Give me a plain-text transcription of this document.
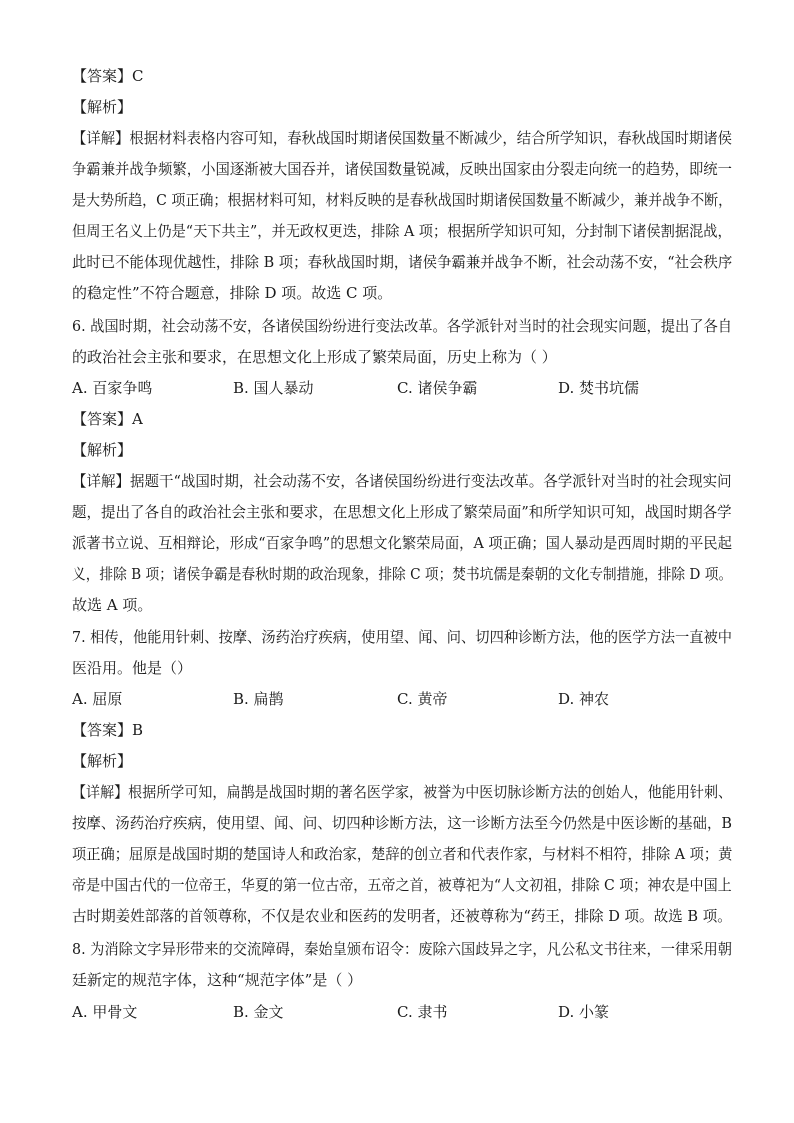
【答案】C
【解析】
【详解】根据材料表格内容可知，春秋战国时期诸侯国数量不断减少，结合所学知识，春秋战国时期诸侯
争霸兼并战争频繁，小国逐渐被大国吞并，诸侯国数量锐减，反映出国家由分裂走向统一的趋势，即统一
是大势所趋，C 项正确；根据材料可知，材料反映的是春秋战国时期诸侯国数量不断减少，兼并战争不断，
但周王名义上仍是“天下共主”，并无政权更迭，排除 A 项；根据所学知识可知，分封制下诸侯割据混战，
此时已不能体现优越性，排除 B 项；春秋战国时期，诸侯争霸兼并战争不断，社会动荡不安，“社会秩序
的稳定性”不符合题意，排除 D 项。故选 C 项。
6. 战国时期，社会动荡不安，各诸侯国纷纷进行变法改革。各学派针对当时的社会现实问题，提出了各自
的政治社会主张和要求，在思想文化上形成了繁荣局面，历史上称为（ ）
A. 百家争鸣	B. 国人暴动	C. 诸侯争霸	D. 焚书坑儒
【答案】A
【解析】
【详解】据题干“战国时期，社会动荡不安，各诸侯国纷纷进行变法改革。各学派针对当时的社会现实问
题，提出了各自的政治社会主张和要求，在思想文化上形成了繁荣局面”和所学知识可知，战国时期各学
派著书立说、互相辩论，形成“百家争鸣”的思想文化繁荣局面，A 项正确；国人暴动是西周时期的平民起
义，排除 B 项；诸侯争霸是春秋时期的政治现象，排除 C 项；焚书坑儒是秦朝的文化专制措施，排除 D 项。
故选 A 项。
7. 相传，他能用针刺、按摩、汤药治疗疾病，使用望、闻、问、切四种诊断方法，他的医学方法一直被中
医沿用。他是（）
A. 屈原	B. 扁鹊	C. 黄帝	D. 神农
【答案】B
【解析】
【详解】根据所学可知，扁鹊是战国时期的著名医学家，被誉为中医切脉诊断方法的创始人，他能用针刺、
按摩、汤药治疗疾病，使用望、闻、问、切四种诊断方法，这一诊断方法至今仍然是中医诊断的基础，B
项正确；屈原是战国时期的楚国诗人和政治家，楚辞的创立者和代表作家，与材料不相符，排除 A 项；黄
帝是中国古代的一位帝王，华夏的第一位古帝，五帝之首，被尊祀为“人文初祖，排除 C 项；神农是中国上
古时期姜姓部落的首领尊称，不仅是农业和医药的发明者，还被尊称为“药王，排除 D 项。故选 B 项。
8. 为消除文字异形带来的交流障碍，秦始皇颁布诏令：废除六国歧异之字，凡公私文书往来，一律采用朝
廷新定的规范字体，这种“规范字体”是（ ）
A. 甲骨文	B. 金文	C. 隶书	D. 小篆
